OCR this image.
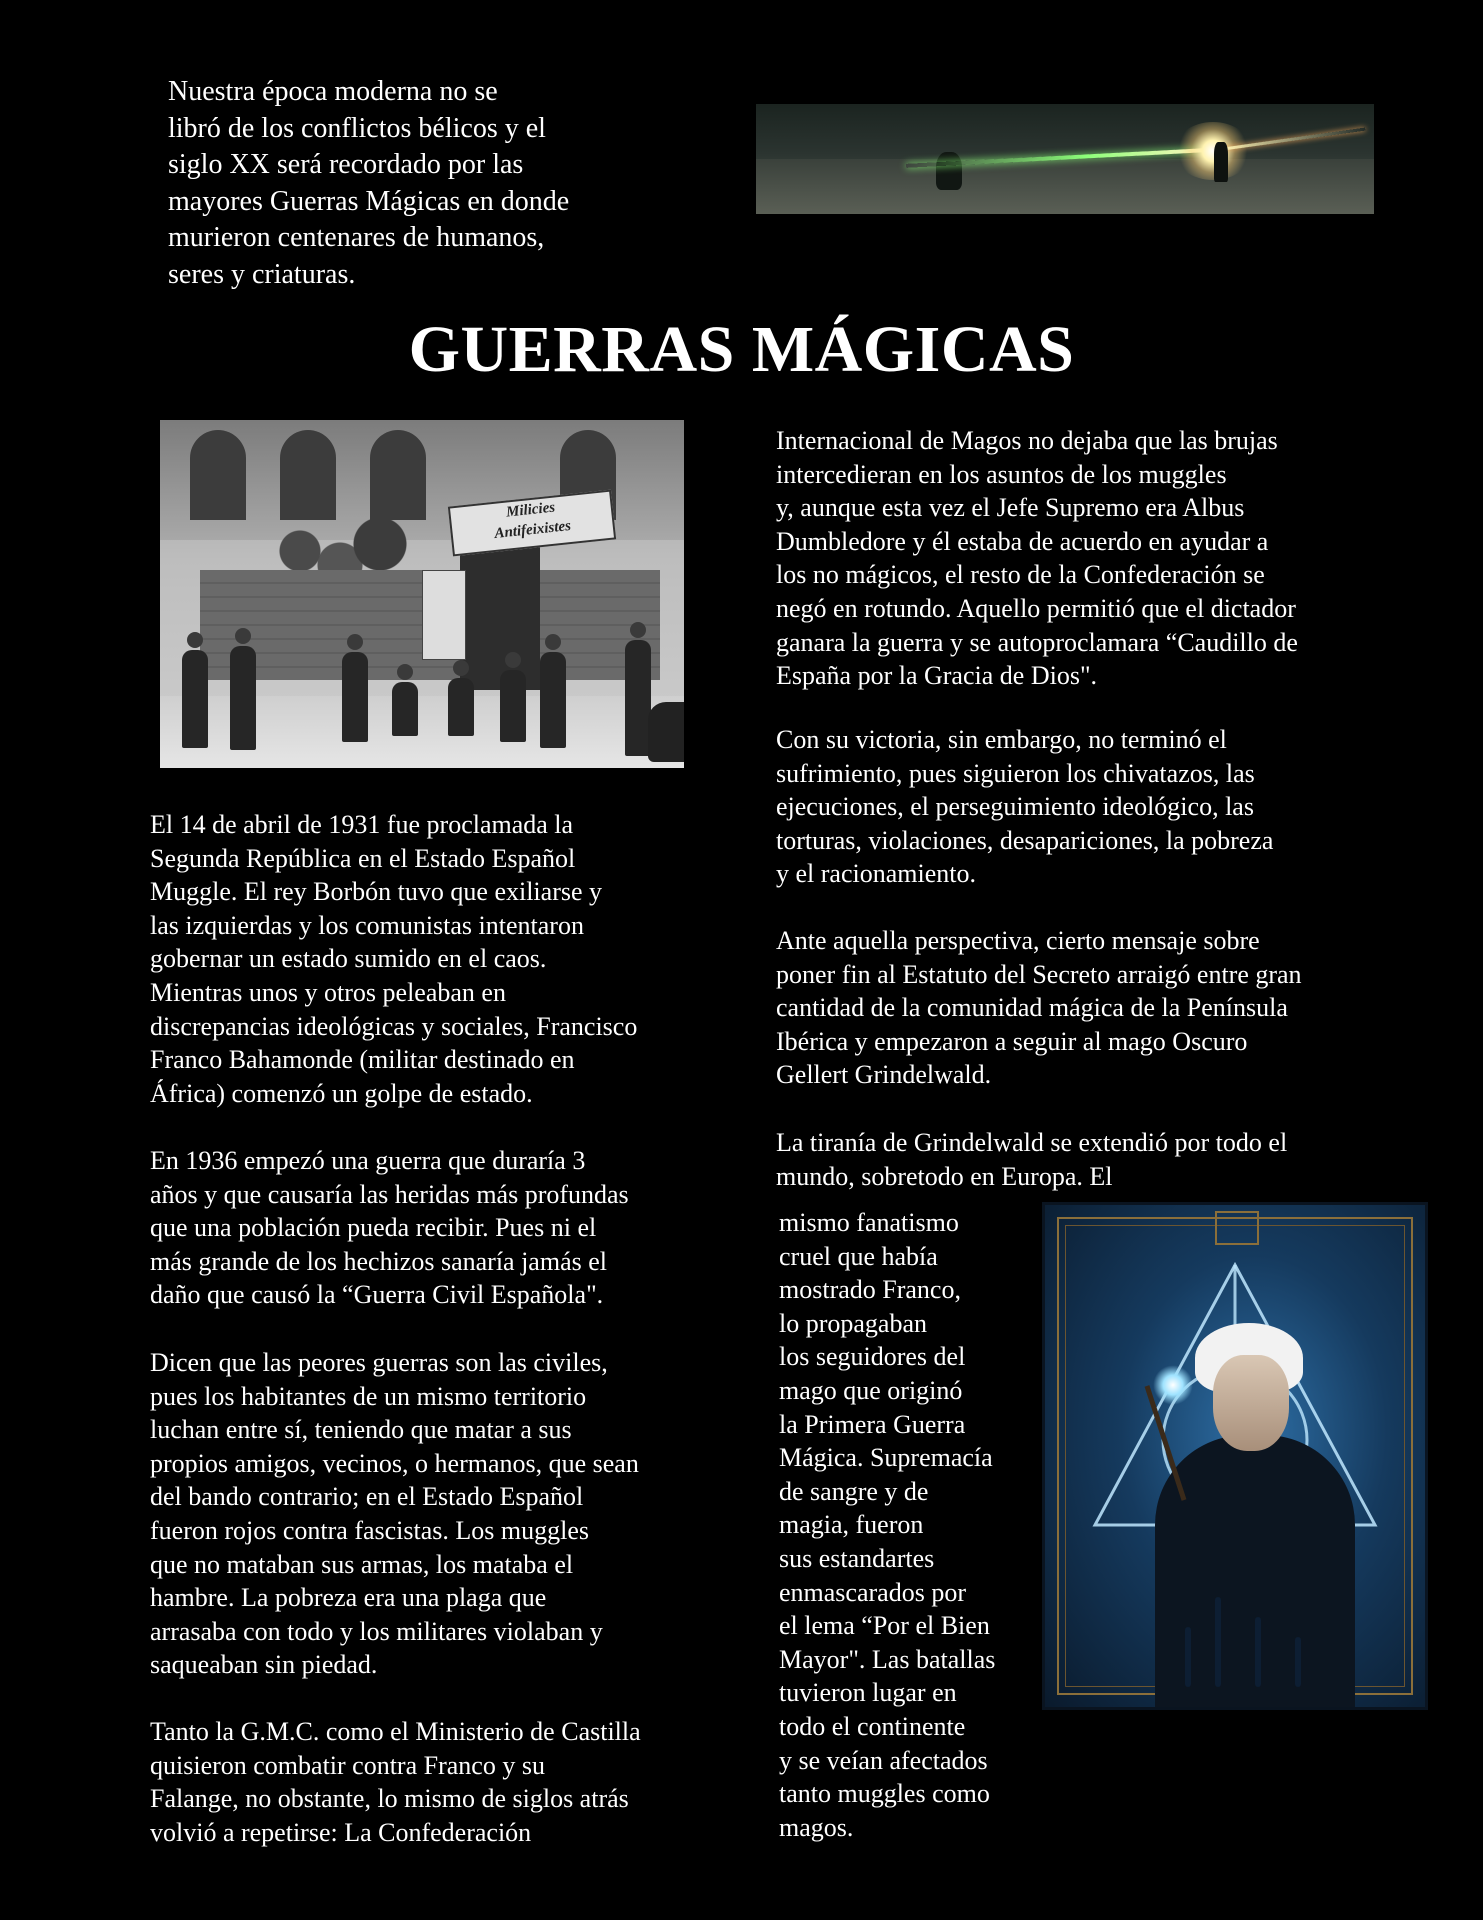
Nuestra época moderna no se
libró de los conflictos bélicos y el
siglo XX será recordado por las
mayores Guerras Mágicas en donde
murieron centenares de humanos,
seres y criaturas.

GUERRAS MÁGICAS
Milicies
Antifeixistes

El 14 de abril de 1931 fue proclamada la
Segunda República en el Estado Español
Muggle. El rey Borbón tuvo que exiliarse y
las izquierdas y los comunistas intentaron
gobernar un estado sumido en el caos.
Mientras unos y otros peleaban en
discrepancias ideológicas y sociales, Francisco
Franco Bahamonde (militar destinado en
África) comenzó un golpe de estado.

En 1936 empezó una guerra que duraría 3
años y que causaría las heridas más profundas
que una población pueda recibir. Pues ni el
más grande de los hechizos sanaría jamás el
daño que causó la “Guerra Civil Española".

Dicen que las peores guerras son las civiles,
pues los habitantes de un mismo territorio
luchan entre sí, teniendo que matar a sus
propios amigos, vecinos, o hermanos, que sean
del bando contrario; en el Estado Español
fueron rojos contra fascistas. Los muggles
que no mataban sus armas, los mataba el
hambre. La pobreza era una plaga que
arrasaba con todo y los militares violaban y
saqueaban sin piedad.

Tanto la G.M.C. como el Ministerio de Castilla
quisieron combatir contra Franco y su
Falange, no obstante, lo mismo de siglos atrás
volvió a repetirse: La Confederación

Internacional de Magos no dejaba que las brujas
intercedieran en los asuntos de los muggles
y, aunque esta vez el Jefe Supremo era Albus
Dumbledore y él estaba de acuerdo en ayudar a
los no mágicos, el resto de la Confederación se
negó en rotundo. Aquello permitió que el dictador
ganara la guerra y se autoproclamara “Caudillo de
España por la Gracia de Dios".

Con su victoria, sin embargo, no terminó el
sufrimiento, pues siguieron los chivatazos, las
ejecuciones, el perseguimiento ideológico, las
torturas, violaciones, desapariciones, la pobreza
y el racionamiento.

Ante aquella perspectiva, cierto mensaje sobre
poner fin al Estatuto del Secreto arraigó entre gran
cantidad de la comunidad mágica de la Península
Ibérica y empezaron a seguir al mago Oscuro
Gellert Grindelwald.

La tiranía de Grindelwald se extendió por todo el
mundo, sobretodo en Europa. El

mismo fanatismo
cruel que había
mostrado Franco,
lo propagaban
los seguidores del
mago que originó
la Primera Guerra
Mágica. Supremacía
de sangre y de
magia, fueron
sus estandartes
enmascarados por
el lema “Por el Bien
Mayor". Las batallas
tuvieron lugar en
todo el continente
y se veían afectados
tanto muggles como
magos.
